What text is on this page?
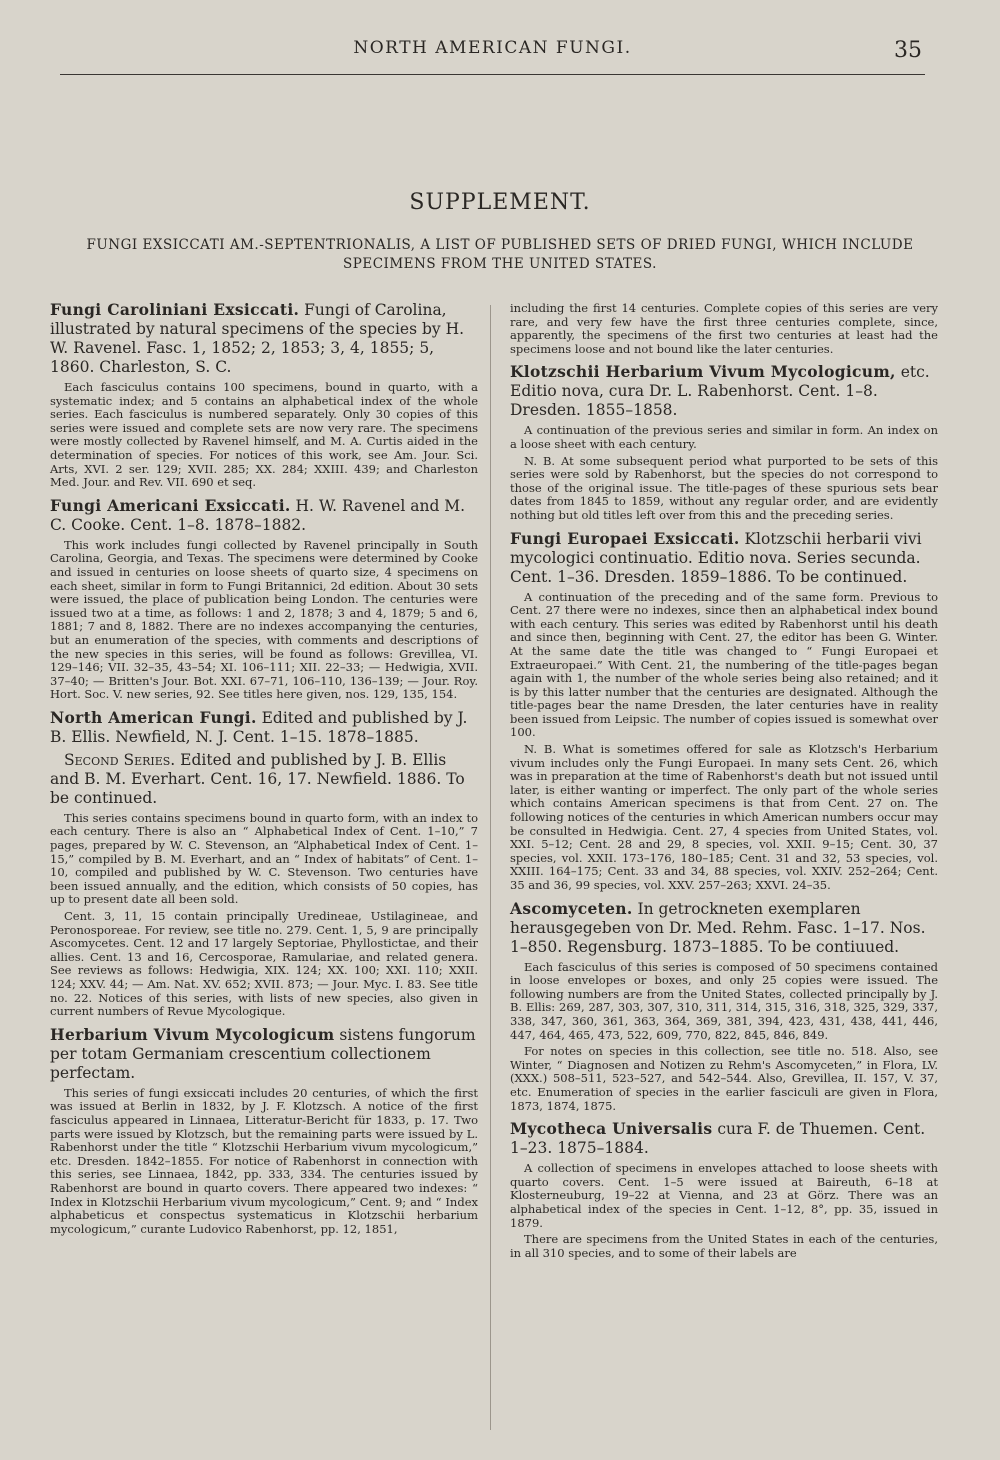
NORTH AMERICAN FUNGI.	35
SUPPLEMENT.
FUNGI EXSICCATI AM.-SEPTENTRIONALIS, A LIST OF PUBLISHED SETS OF DRIED FUNGI, WHICH INCLUDE SPECIMENS FROM THE UNITED STATES.

Fungi Caroliniani Exsiccati. Fungi of Carolina, illustrated by natural specimens of the species by H. W. Ravenel. Fasc. 1, 1852; 2, 1853; 3, 4, 1855; 5, 1860. Charleston, S. C.

Each fasciculus contains 100 specimens, bound in quarto, with a systematic index; and 5 contains an alphabetical index of the whole series. Each fasciculus is numbered separately. Only 30 copies of this series were issued and complete sets are now very rare. The specimens were mostly collected by Ravenel himself, and M. A. Curtis aided in the determination of species. For notices of this work, see Am. Jour. Sci. Arts, XVI. 2 ser. 129; XVII. 285; XX. 284; XXIII. 439; and Charleston Med. Jour. and Rev. VII. 690 et seq.

Fungi Americani Exsiccati. H. W. Ravenel and M. C. Cooke. Cent. 1–8. 1878–1882.

This work includes fungi collected by Ravenel principally in South Carolina, Georgia, and Texas. The specimens were determined by Cooke and issued in centuries on loose sheets of quarto size, 4 specimens on each sheet, similar in form to Fungi Britannici, 2d edition. About 30 sets were issued, the place of publication being London. The centuries were issued two at a time, as follows: 1 and 2, 1878; 3 and 4, 1879; 5 and 6, 1881; 7 and 8, 1882. There are no indexes accompanying the centuries, but an enumeration of the species, with comments and descriptions of the new species in this series, will be found as follows: Grevillea, VI. 129–146; VII. 32–35, 43–54; XI. 106–111; XII. 22–33; — Hedwigia, XVII. 37–40; — Britten's Jour. Bot. XXI. 67–71, 106–110, 136–139; — Jour. Roy. Hort. Soc. V. new series, 92. See titles here given, nos. 129, 135, 154.

North American Fungi. Edited and published by J. B. Ellis. Newfield, N. J. Cent. 1–15. 1878–1885.

Second Series. Edited and published by J. B. Ellis and B. M. Everhart. Cent. 16, 17. Newfield. 1886. To be continued.

This series contains specimens bound in quarto form, with an index to each century. There is also an “ Alphabetical Index of Cent. 1–10,” 7 pages, prepared by W. C. Stevenson, an “Alphabetical Index of Cent. 1–15,” compiled by B. M. Everhart, and an “ Index of habitats” of Cent. 1–10, compiled and published by W. C. Stevenson. Two centuries have been issued annually, and the edition, which consists of 50 copies, has up to present date all been sold.

Cent. 3, 11, 15 contain principally Uredineae, Ustilagineae, and Peronosporeae. For review, see title no. 279. Cent. 1, 5, 9 are principally Ascomycetes. Cent. 12 and 17 largely Septoriae, Phyllostictae, and their allies. Cent. 13 and 16, Cercosporae, Ramulariae, and related genera. See reviews as follows: Hedwigia, XIX. 124; XX. 100; XXI. 110; XXII. 124; XXV. 44; — Am. Nat. XV. 652; XVII. 873; — Jour. Myc. I. 83. See title no. 22. Notices of this series, with lists of new species, also given in current numbers of Revue Mycologique.

Herbarium Vivum Mycologicum sistens fungorum per totam Germaniam crescentium collectionem perfectam.

This series of fungi exsiccati includes 20 centuries, of which the first was issued at Berlin in 1832, by J. F. Klotzsch. A notice of the first fasciculus appeared in Linnaea, Litteratur-Bericht für 1833, p. 17. Two parts were issued by Klotzsch, but the remaining parts were issued by L. Rabenhorst under the title “ Klotzschii Herbarium vivum mycologicum,” etc. Dresden. 1842–1855. For notice of Rabenhorst in connection with this series, see Linnaea, 1842, pp. 333, 334. The centuries issued by Rabenhorst are bound in quarto covers. There appeared two indexes: “ Index in Klotzschii Herbarium vivum mycologicum,” Cent. 9; and “ Index alphabeticus et conspectus systematicus in Klotzschii herbarium mycologicum,” curante Ludovico Rabenhorst, pp. 12, 1851,

including the first 14 centuries. Complete copies of this series are very rare, and very few have the first three centuries complete, since, apparently, the specimens of the first two centuries at least had the specimens loose and not bound like the later centuries.

Klotzschii Herbarium Vivum Mycologicum, etc. Editio nova, cura Dr. L. Rabenhorst. Cent. 1–8. Dresden. 1855–1858.

A continuation of the previous series and similar in form. An index on a loose sheet with each century.

N. B. At some subsequent period what purported to be sets of this series were sold by Rabenhorst, but the species do not correspond to those of the original issue. The title-pages of these spurious sets bear dates from 1845 to 1859, without any regular order, and are evidently nothing but old titles left over from this and the preceding series.

Fungi Europaei Exsiccati. Klotzschii herbarii vivi mycologici continuatio. Editio nova. Series secunda. Cent. 1–36. Dresden. 1859–1886. To be continued.

A continuation of the preceding and of the same form. Previous to Cent. 27 there were no indexes, since then an alphabetical index bound with each century. This series was edited by Rabenhorst until his death and since then, beginning with Cent. 27, the editor has been G. Winter. At the same date the title was changed to “ Fungi Europaei et Extraeuropaei.” With Cent. 21, the numbering of the title-pages began again with 1, the number of the whole series being also retained; and it is by this latter number that the centuries are designated. Although the title-pages bear the name Dresden, the later centuries have in reality been issued from Leipsic. The number of copies issued is somewhat over 100.

N. B. What is sometimes offered for sale as Klotzsch's Herbarium vivum includes only the Fungi Europaei. In many sets Cent. 26, which was in preparation at the time of Rabenhorst's death but not issued until later, is either wanting or imperfect. The only part of the whole series which contains American specimens is that from Cent. 27 on. The following notices of the centuries in which American numbers occur may be consulted in Hedwigia. Cent. 27, 4 species from United States, vol. XXI. 5–12; Cent. 28 and 29, 8 species, vol. XXII. 9–15; Cent. 30, 37 species, vol. XXII. 173–176, 180–185; Cent. 31 and 32, 53 species, vol. XXIII. 164–175; Cent. 33 and 34, 88 species, vol. XXIV. 252–264; Cent. 35 and 36, 99 species, vol. XXV. 257–263; XXVI. 24–35.

Ascomyceten. In getrockneten exemplaren herausgegeben von Dr. Med. Rehm. Fasc. 1–17. Nos. 1–850. Regensburg. 1873–1885. To be contiuued.

Each fasciculus of this series is composed of 50 specimens contained in loose envelopes or boxes, and only 25 copies were issued. The following numbers are from the United States, collected principally by J. B. Ellis: 269, 287, 303, 307, 310, 311, 314, 315, 316, 318, 325, 329, 337, 338, 347, 360, 361, 363, 364, 369, 381, 394, 423, 431, 438, 441, 446, 447, 464, 465, 473, 522, 609, 770, 822, 845, 846, 849.

For notes on species in this collection, see title no. 518. Also, see Winter, “ Diagnosen and Notizen zu Rehm's Ascomyceten,” in Flora, LV. (XXX.) 508–511, 523–527, and 542–544. Also, Grevillea, II. 157, V. 37, etc. Enumeration of species in the earlier fasciculi are given in Flora, 1873, 1874, 1875.

Mycotheca Universalis cura F. de Thuemen. Cent. 1–23. 1875–1884.

A collection of specimens in envelopes attached to loose sheets with quarto covers. Cent. 1–5 were issued at Baireuth, 6–18 at Klosterneuburg, 19–22 at Vienna, and 23 at Görz. There was an alphabetical index of the species in Cent. 1–12, 8°, pp. 35, issued in 1879.

There are specimens from the United States in each of the centuries, in all 310 species, and to some of their labels are
